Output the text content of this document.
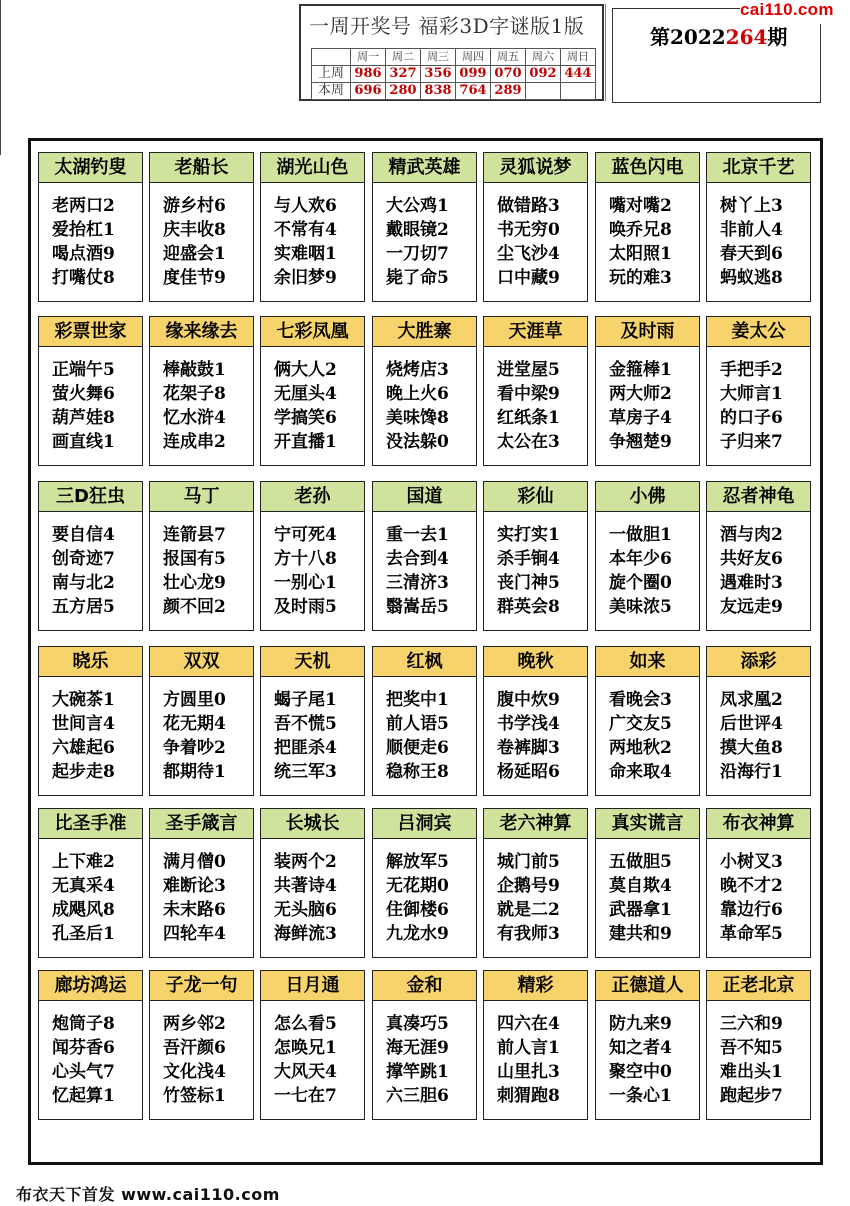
一周开奖号 福彩3D字谜版1版
	周一	周二	周三	周四	周五	周六	周日
上周	986	327	356	099	070	092	444
本周	696	280	838	764	289		
第2022264期
cai110.com
太湖钓叟
老两口2
爱抬杠1
喝点酒9
打嘴仗8
老船长
游乡村6
庆丰收8
迎盛会1
度佳节9
湖光山色
与人欢6
不常有4
实难咽1
余旧梦9
精武英雄
大公鸡1
戴眼镜2
一刀切7
毙了命5
灵狐说梦
做错路3
书无穷0
尘飞沙4
口中藏9
蓝色闪电
嘴对嘴2
唤乔兄8
太阳照1
玩的难3
北京千艺
树丫上3
非前人4
春天到6
蚂蚁逃8
彩票世家
正端午5
萤火舞6
葫芦娃8
画直线1
缘来缘去
棒敲鼓1
花架子8
忆水浒4
连成串2
七彩凤凰
俩大人2
无厘头4
学搞笑6
开直播1
大胜寨
烧烤店3
晚上火6
美味馋8
没法躲0
天涯草
进堂屋5
看中梁9
红纸条1
太公在3
及时雨
金箍棒1
两大师2
草房子4
争翘楚9
姜太公
手把手2
大师言1
的口子6
子归来7
三D狂虫
要自信4
创奇迹7
南与北2
五方居5
马丁
连箭县7
报国有5
壮心龙9
颜不回2
老孙
宁可死4
方十八8
一别心1
及时雨5
国道
重一去1
去合到4
三清济3
翳嵩岳5
彩仙
实打实1
杀手锏4
丧门神5
群英会8
小佛
一做胆1
本年少6
旋个圈0
美味浓5
忍者神龟
酒与肉2
共好友6
遇难时3
友远走9
晓乐
大碗茶1
世间言4
六雄起6
起步走8
双双
方圆里0
花无期4
争着吵2
都期待1
天机
蝎子尾1
吾不慌5
把匪杀4
统三军3
红枫
把奖中1
前人语5
顺便走6
稳称王8
晚秋
腹中炊9
书学浅4
卷裤脚3
杨延昭6
如来
看晚会3
广交友5
两地秋2
命来取4
添彩
凤求凰2
后世评4
摸大鱼8
沿海行1
比圣手准
上下难2
无真采4
成飓风8
孔圣后1
圣手箴言
满月僧0
难断论3
未末路6
四轮车4
长城长
装两个2
共著诗4
无头脑6
海鲜流3
吕洞宾
解放军5
无花期0
住御楼6
九龙水9
老六神算
城门前5
企鹅号9
就是二2
有我师3
真实谎言
五做胆5
莫自欺4
武器拿1
建共和9
布衣神算
小树叉3
晚不才2
靠边行6
革命军5
廊坊鸿运
炮筒子8
闻芬香6
心头气7
忆起算1
子龙一句
两乡邻2
吾汗颜6
文化浅4
竹签标1
日月通
怎么看5
怎唤兄1
大风天4
一七在7
金和
真凑巧5
海无涯9
撑竿跳1
六三胆6
精彩
四六在4
前人言1
山里扎3
刺猬跑8
正德道人
防九来9
知之者4
聚空中0
一条心1
正老北京
三六和9
吾不知5
难出头1
跑起步7
布衣天下首发 www.cai110.com
